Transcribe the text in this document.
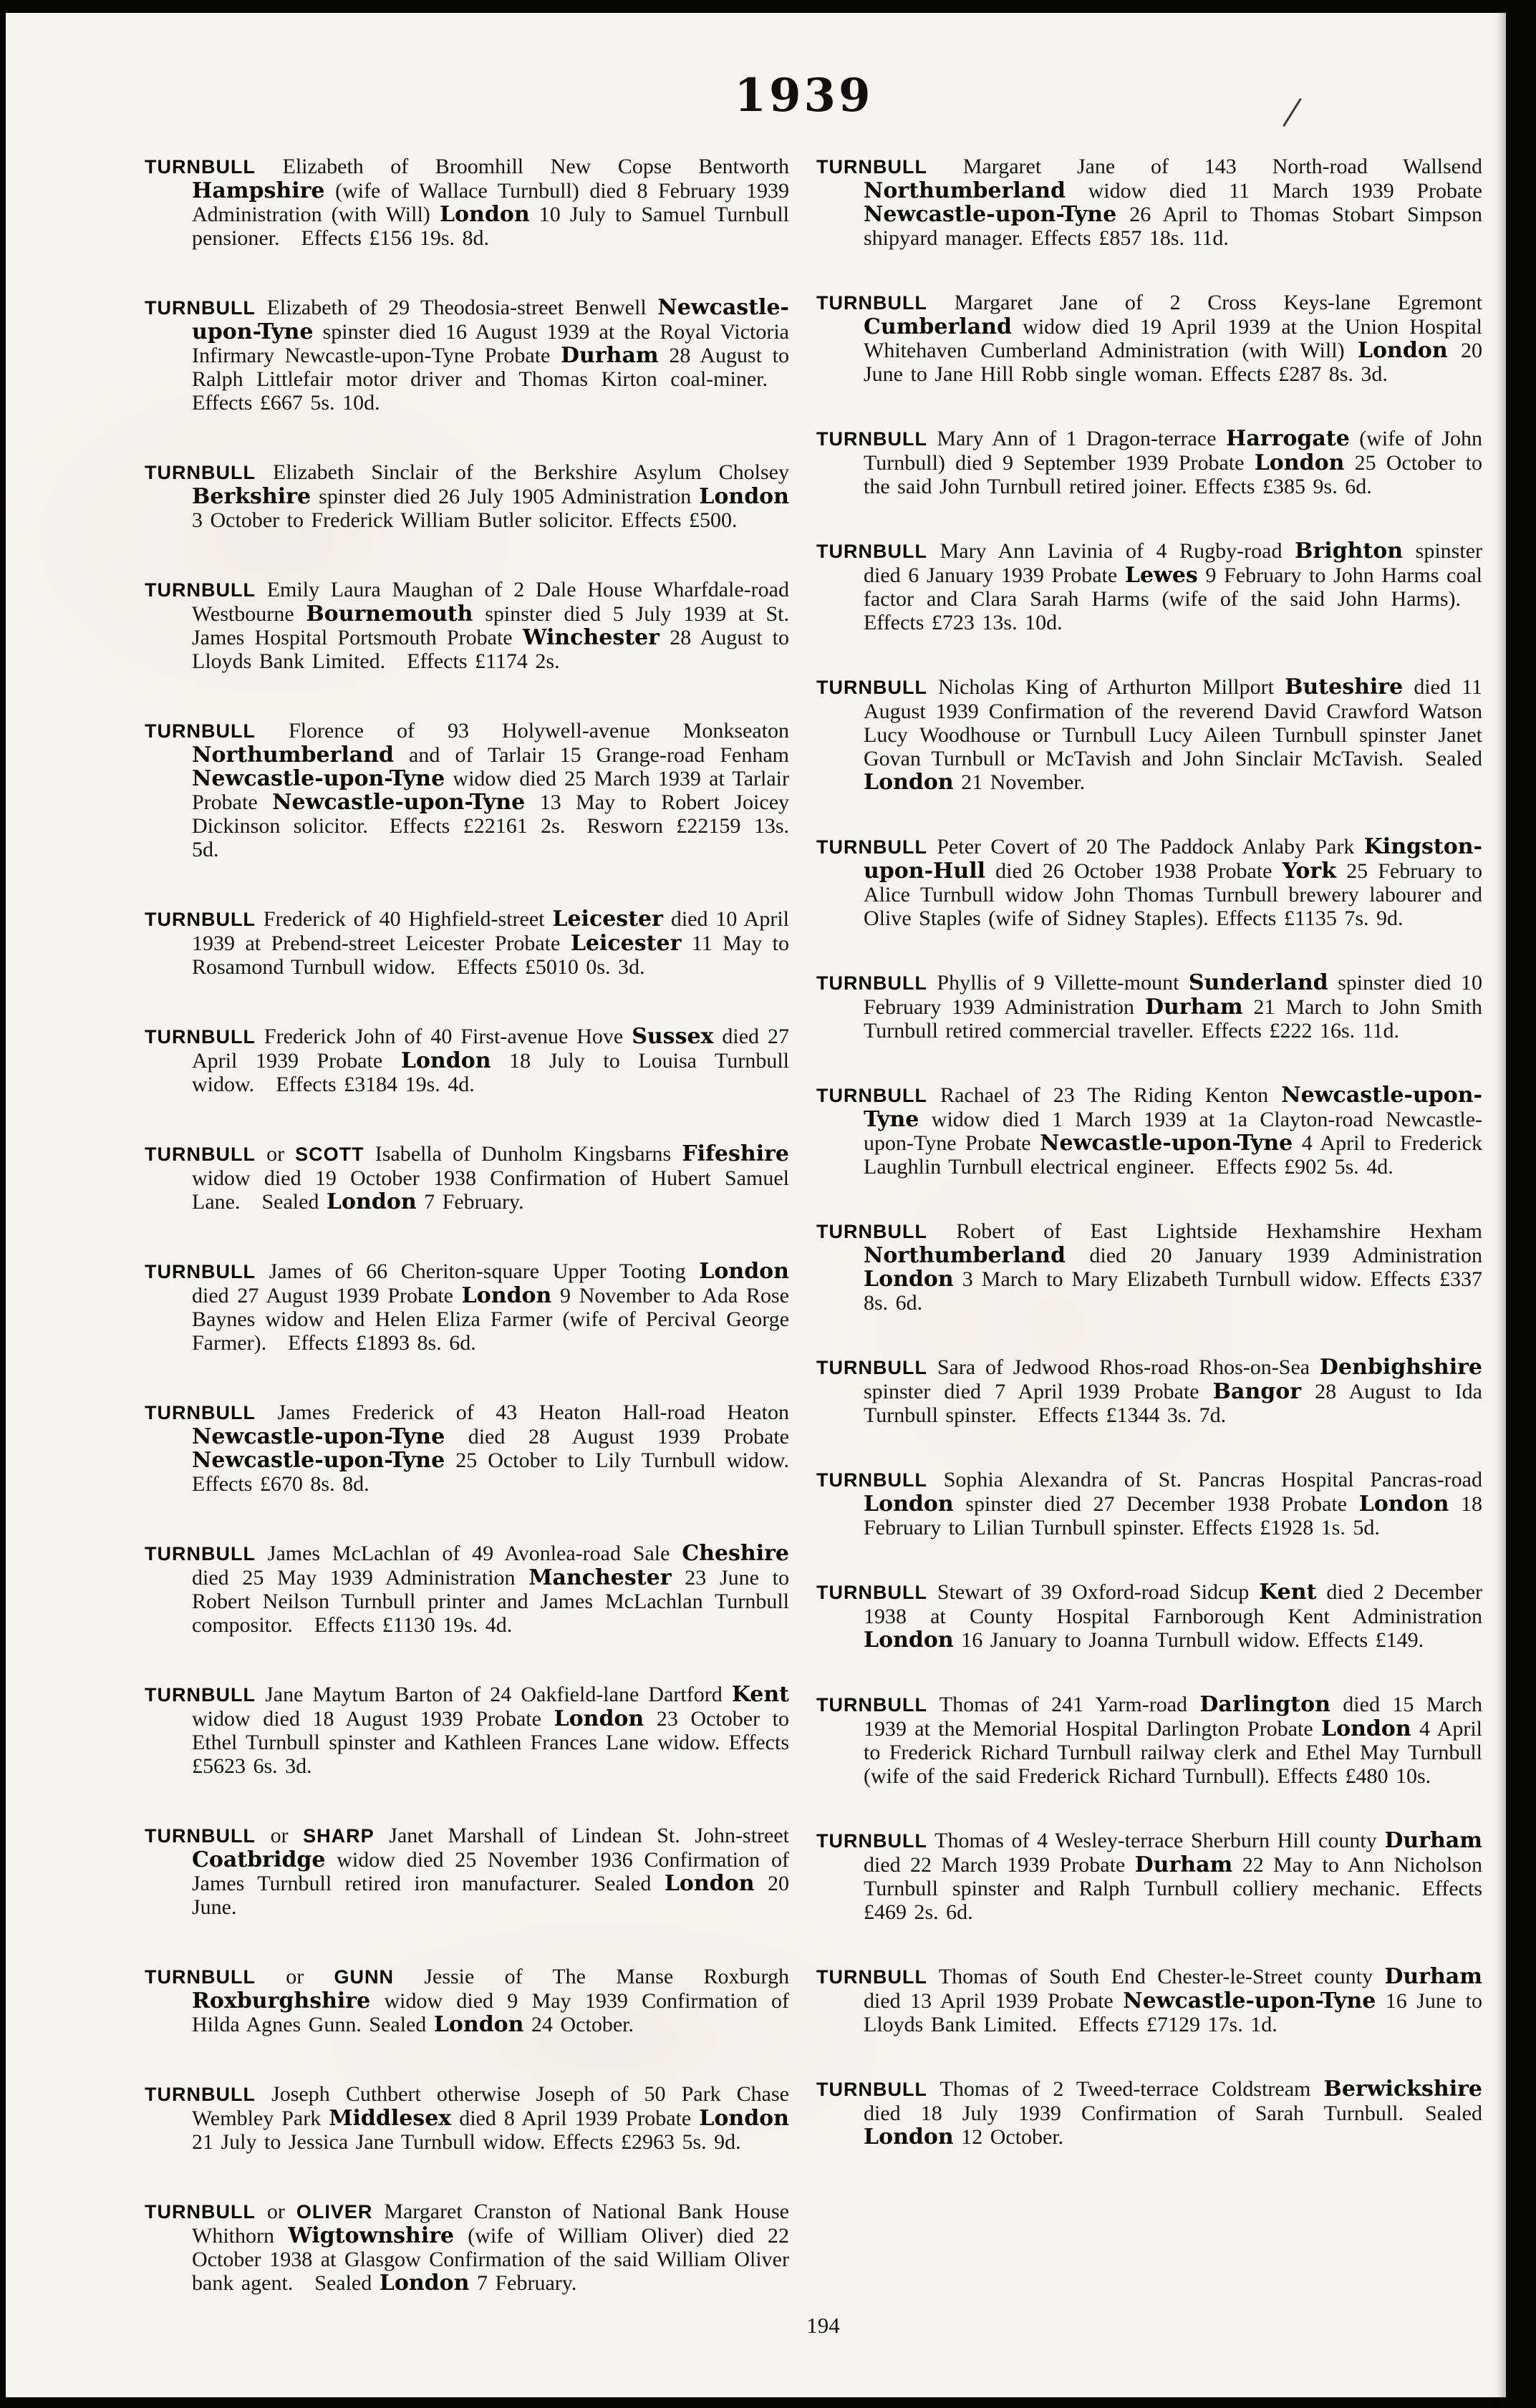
1939

TURNBULL Elizabeth of Broomhill New Copse Bentworth Hampshire (wife of Wallace Turnbull) died 8 February 1939 Administration (with Will) London 10 July to Samuel Turnbull pensioner. Effects £156 19s. 8d.

TURNBULL Elizabeth of 29 Theodosia-street Benwell Newcastle-upon-Tyne spinster died 16 August 1939 at the Royal Victoria Infirmary Newcastle-upon-Tyne Probate Durham 28 August to Ralph Littlefair motor driver and Thomas Kirton coal-miner. Effects £667 5s. 10d.

TURNBULL Elizabeth Sinclair of the Berkshire Asylum Cholsey Berkshire spinster died 26 July 1905 Administration London 3 October to Frederick William Butler solicitor. Effects £500.

TURNBULL Emily Laura Maughan of 2 Dale House Wharfdale-road Westbourne Bournemouth spinster died 5 July 1939 at St. James Hospital Portsmouth Probate Winchester 28 August to Lloyds Bank Limited. Effects £1174 2s.

TURNBULL Florence of 93 Holywell-avenue Monkseaton Northumberland and of Tarlair 15 Grange-road Fenham Newcastle-upon-Tyne widow died 25 March 1939 at Tarlair Probate Newcastle-upon-Tyne 13 May to Robert Joicey Dickinson solicitor. Effects £22161 2s. Resworn £22159 13s. 5d.

TURNBULL Frederick of 40 Highfield-street Leicester died 10 April 1939 at Prebend-street Leicester Probate Leicester 11 May to Rosamond Turnbull widow. Effects £5010 0s. 3d.

TURNBULL Frederick John of 40 First-avenue Hove Sussex died 27 April 1939 Probate London 18 July to Louisa Turnbull widow. Effects £3184 19s. 4d.

TURNBULL or SCOTT Isabella of Dunholm Kingsbarns Fifeshire widow died 19 October 1938 Confirmation of Hubert Samuel Lane. Sealed London 7 February.

TURNBULL James of 66 Cheriton-square Upper Tooting London died 27 August 1939 Probate London 9 November to Ada Rose Baynes widow and Helen Eliza Farmer (wife of Percival George Farmer). Effects £1893 8s. 6d.

TURNBULL James Frederick of 43 Heaton Hall-road Heaton Newcastle-upon-Tyne died 28 August 1939 Probate Newcastle-upon-Tyne 25 October to Lily Turnbull widow. Effects £670 8s. 8d.

TURNBULL James McLachlan of 49 Avonlea-road Sale Cheshire died 25 May 1939 Administration Manchester 23 June to Robert Neilson Turnbull printer and James McLachlan Turnbull compositor. Effects £1130 19s. 4d.

TURNBULL Jane Maytum Barton of 24 Oakfield-lane Dartford Kent widow died 18 August 1939 Probate London 23 October to Ethel Turnbull spinster and Kathleen Frances Lane widow. Effects £5623 6s. 3d.

TURNBULL or SHARP Janet Marshall of Lindean St. John-street Coatbridge widow died 25 November 1936 Confirmation of James Turnbull retired iron manufacturer. Sealed London 20 June.

TURNBULL or GUNN Jessie of The Manse Roxburgh Roxburghshire widow died 9 May 1939 Confirmation of Hilda Agnes Gunn. Sealed London 24 October.

TURNBULL Joseph Cuthbert otherwise Joseph of 50 Park Chase Wembley Park Middlesex died 8 April 1939 Probate London 21 July to Jessica Jane Turnbull widow. Effects £2963 5s. 9d.

TURNBULL or OLIVER Margaret Cranston of National Bank House Whithorn Wigtownshire (wife of William Oliver) died 22 October 1938 at Glasgow Confirmation of the said William Oliver bank agent. Sealed London 7 February.

TURNBULL Margaret Jane of 143 North-road Wallsend Northumberland widow died 11 March 1939 Probate Newcastle-upon-Tyne 26 April to Thomas Stobart Simpson shipyard manager. Effects £857 18s. 11d.

TURNBULL Margaret Jane of 2 Cross Keys-lane Egremont Cumberland widow died 19 April 1939 at the Union Hospital Whitehaven Cumberland Administration (with Will) London 20 June to Jane Hill Robb single woman. Effects £287 8s. 3d.

TURNBULL Mary Ann of 1 Dragon-terrace Harrogate (wife of John Turnbull) died 9 September 1939 Probate London 25 October to the said John Turnbull retired joiner. Effects £385 9s. 6d.

TURNBULL Mary Ann Lavinia of 4 Rugby-road Brighton spinster died 6 January 1939 Probate Lewes 9 February to John Harms coal factor and Clara Sarah Harms (wife of the said John Harms). Effects £723 13s. 10d.

TURNBULL Nicholas King of Arthurton Millport Buteshire died 11 August 1939 Confirmation of the reverend David Crawford Watson Lucy Woodhouse or Turnbull Lucy Aileen Turnbull spinster Janet Govan Turnbull or McTavish and John Sinclair McTavish. Sealed London 21 November.

TURNBULL Peter Covert of 20 The Paddock Anlaby Park Kingston-upon-Hull died 26 October 1938 Probate York 25 February to Alice Turnbull widow John Thomas Turnbull brewery labourer and Olive Staples (wife of Sidney Staples). Effects £1135 7s. 9d.

TURNBULL Phyllis of 9 Villette-mount Sunderland spinster died 10 February 1939 Administration Durham 21 March to John Smith Turnbull retired commercial traveller. Effects £222 16s. 11d.

TURNBULL Rachael of 23 The Riding Kenton Newcastle-upon-Tyne widow died 1 March 1939 at 1a Clayton-road Newcastle-upon-Tyne Probate Newcastle-upon-Tyne 4 April to Frederick Laughlin Turnbull electrical engineer. Effects £902 5s. 4d.

TURNBULL Robert of East Lightside Hexhamshire Hexham Northumberland died 20 January 1939 Administration London 3 March to Mary Elizabeth Turnbull widow. Effects £337 8s. 6d.

TURNBULL Sara of Jedwood Rhos-road Rhos-on-Sea Denbighshire spinster died 7 April 1939 Probate Bangor 28 August to Ida Turnbull spinster. Effects £1344 3s. 7d.

TURNBULL Sophia Alexandra of St. Pancras Hospital Pancras-road London spinster died 27 December 1938 Probate London 18 February to Lilian Turnbull spinster. Effects £1928 1s. 5d.

TURNBULL Stewart of 39 Oxford-road Sidcup Kent died 2 December 1938 at County Hospital Farnborough Kent Administration London 16 January to Joanna Turnbull widow. Effects £149.

TURNBULL Thomas of 241 Yarm-road Darlington died 15 March 1939 at the Memorial Hospital Darlington Probate London 4 April to Frederick Richard Turnbull railway clerk and Ethel May Turnbull (wife of the said Frederick Richard Turnbull). Effects £480 10s.

TURNBULL Thomas of 4 Wesley-terrace Sherburn Hill county Durham died 22 March 1939 Probate Durham 22 May to Ann Nicholson Turnbull spinster and Ralph Turnbull colliery mechanic. Effects £469 2s. 6d.

TURNBULL Thomas of South End Chester-le-Street county Durham died 13 April 1939 Probate Newcastle-upon-Tyne 16 June to Lloyds Bank Limited. Effects £7129 17s. 1d.

TURNBULL Thomas of 2 Tweed-terrace Coldstream Berwickshire died 18 July 1939 Confirmation of Sarah Turnbull. Sealed London 12 October.

194
